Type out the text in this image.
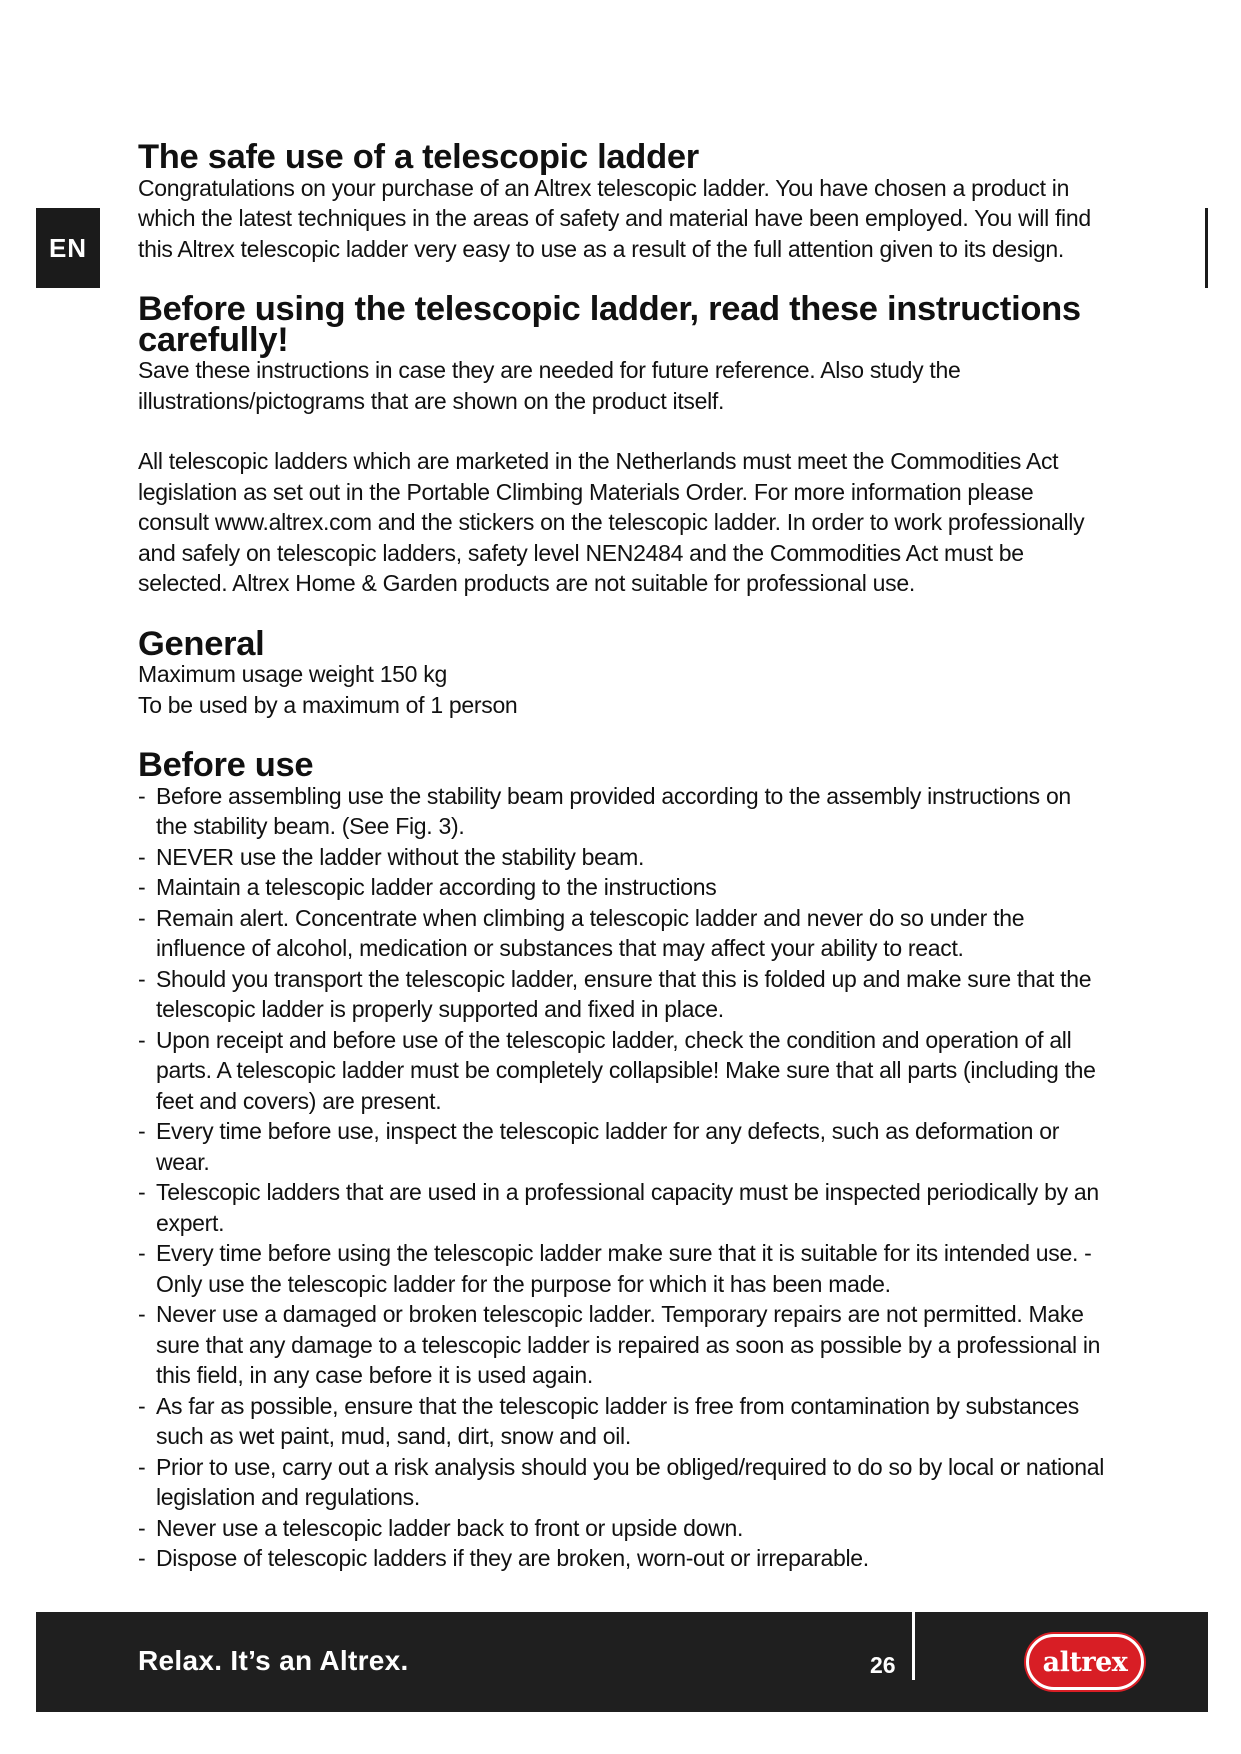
EN
The safe use of a telescopic ladder

Congratulations on your purchase of an Altrex telescopic ladder. You have chosen a product in which the latest techniques in the areas of safety and material have been employed. You will find this Altrex telescopic ladder very easy to use as a result of the full attention given to its design.

Before using the telescopic ladder, read these instructions carefully!

Save these instructions in case they are needed for future reference. Also study the illustrations/pictograms that are shown on the product itself.

All telescopic ladders which are marketed in the Netherlands must meet the Commodities Act legislation as set out in the Portable Climbing Materials Order. For more information please consult www.altrex.com and the stickers on the telescopic ladder. In order to work professionally and safely on telescopic ladders, safety level NEN2484 and the Commodities Act must be selected. Altrex Home & Garden products are not suitable for professional use.

General
Maximum usage weight 150 kg
To be used by a maximum of 1 person
Before use
- Before assembling use the stability beam provided according to the assembly instructions on the stability beam. (See Fig. 3).
- NEVER use the ladder without the stability beam.
- Maintain a telescopic ladder according to the instructions
- Remain alert. Concentrate when climbing a telescopic ladder and never do so under the influence of alcohol, medication or substances that may affect your ability to react.
- Should you transport the telescopic ladder, ensure that this is folded up and make sure that the telescopic ladder is properly supported and fixed in place.
- Upon receipt and before use of the telescopic ladder, check the condition and operation of all parts. A telescopic ladder must be completely collapsible! Make sure that all parts (including the feet and covers) are present.
- Every time before use, inspect the telescopic ladder for any defects, such as deformation or wear.
- Telescopic ladders that are used in a professional capacity must be inspected periodically by an expert.
- Every time before using the telescopic ladder make sure that it is suitable for its intended use. - Only use the telescopic ladder for the purpose for which it has been made.
- Never use a damaged or broken telescopic ladder. Temporary repairs are not permitted. Make sure that any damage to a telescopic ladder is repaired as soon as possible by a professional in this field, in any case before it is used again.
- As far as possible, ensure that the telescopic ladder is free from contamination by substances such as wet paint, mud, sand, dirt, snow and oil.
- Prior to use, carry out a risk analysis should you be obliged/required to do so by local or national legislation and regulations.
- Never use a telescopic ladder back to front or upside down.
- Dispose of telescopic ladders if they are broken, worn-out or irreparable.
Relax. It’s an Altrex.	26	altrex
